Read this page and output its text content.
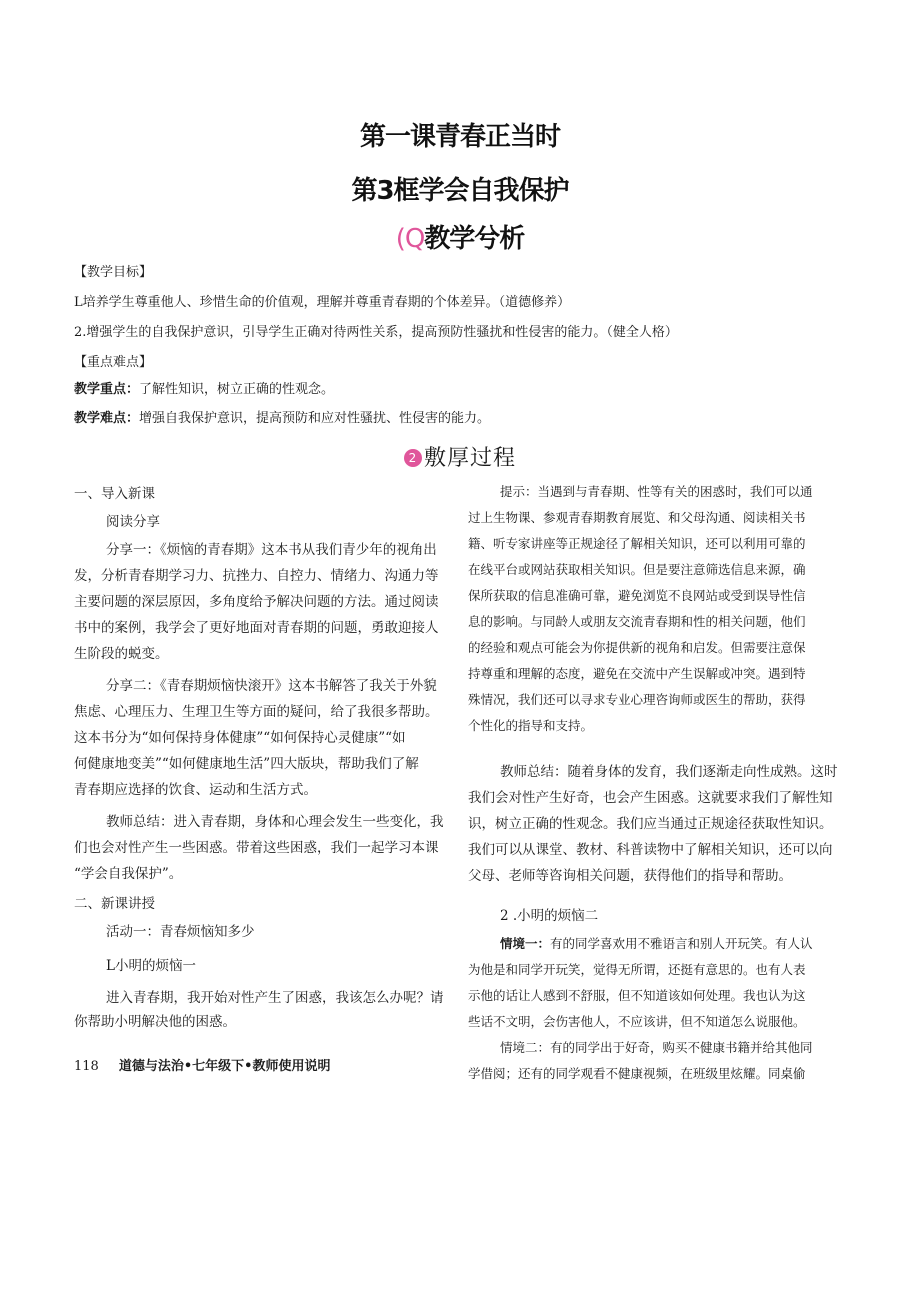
第一课青春正当时
第3框学会自我保护
(Q教学兮析
【教学目标】
L培养学生尊重他人、珍惜生命的价值观，理解并尊重青春期的个体差异。（道德修养）
2.增强学生的自我保护意识，引导学生正确对待两性关系，提高预防性骚扰和性侵害的能力。（健全人格）
【重点难点】
教学重点：了解性知识，树立正确的性观念。
教学难点：增强自我保护意识，提高预防和应对性骚扰、性侵害的能力。
2 敷厚过程
一、导入新课
阅读分享
分享一：《烦恼的青春期》这本书从我们青少年的视角出
发，分析青春期学习力、抗挫力、自控力、情绪力、沟通力等
主要问题的深层原因，多角度给予解决问题的方法。通过阅读
书中的案例，我学会了更好地面对青春期的问题，勇敢迎接人
生阶段的蜕变。
分享二：《青春期烦恼快滚开》这本书解答了我关于外貌
焦虑、心理压力、生理卫生等方面的疑问，给了我很多帮助。
这本书分为“如何保持身体健康”“如何保持心灵健康”“如
何健康地变美”“如何健康地生活”四大版块，帮助我们了解
青春期应选择的饮食、运动和生活方式。
教师总结：进入青春期，身体和心理会发生一些变化，我
们也会对性产生一些困惑。带着这些困惑，我们一起学习本课
“学会自我保护”。
二、新课讲授
活动一：青春烦恼知多少
L小明的烦恼一
进入青春期，我开始对性产生了困惑，我该怎么办呢？请
你帮助小明解决他的困惑。
提示：当遇到与青春期、性等有关的困惑时，我们可以通
过上生物课、参观青春期教育展览、和父母沟通、阅读相关书
籍、听专家讲座等正规途径了解相关知识，还可以利用可靠的
在线平台或网站获取相关知识。但是要注意筛选信息来源，确
保所获取的信息准确可靠，避免浏览不良网站或受到误导性信
息的影响。与同龄人或朋友交流青春期和性的相关问题，他们
的经验和观点可能会为你提供新的视角和启发。但需要注意保
持尊重和理解的态度，避免在交流中产生误解或冲突。遇到特
殊情况，我们还可以寻求专业心理咨询师或医生的帮助，获得
个性化的指导和支持。
教师总结：随着身体的发育，我们逐渐走向性成熟。这时
我们会对性产生好奇，也会产生困惑。这就要求我们了解性知
识，树立正确的性观念。我们应当通过正规途径获取性知识。
我们可以从课堂、教材、科普读物中了解相关知识，还可以向
父母、老师等咨询相关问题，获得他们的指导和帮助。
2 .小明的烦恼二
情境一：有的同学喜欢用不雅语言和别人开玩笑。有人认
为他是和同学开玩笑，觉得无所谓，还挺有意思的。也有人表
示他的话让人感到不舒服，但不知道该如何处理。我也认为这
些话不文明，会伤害他人，不应该讲，但不知道怎么说服他。
情境二：有的同学出于好奇，购买不健康书籍并给其他同
学借阅；还有的同学观看不健康视频，在班级里炫耀。同桌偷
118 道德与法治•七年级下•教师使用说明
